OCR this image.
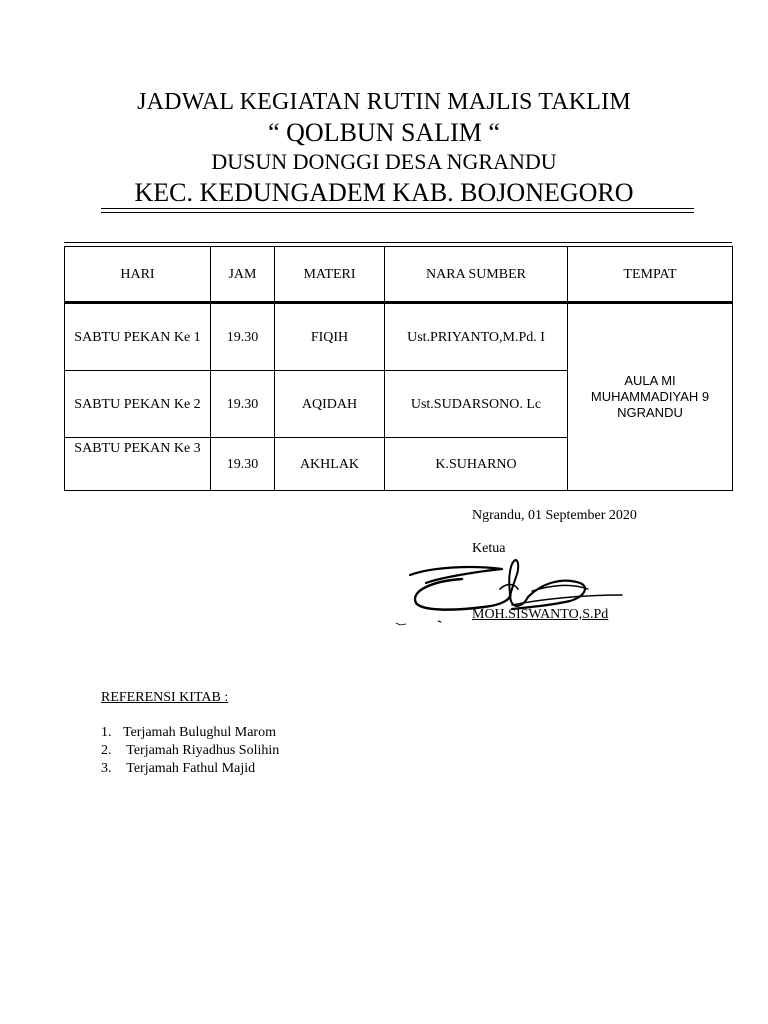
JADWAL KEGIATAN RUTIN MAJLIS TAKLIM
“ QOLBUN SALIM “
DUSUN DONGGI DESA NGRANDU
KEC. KEDUNGADEM KAB. BOJONEGORO
HARI	JAM	MATERI	NARA SUMBER	TEMPAT
SABTU PEKAN Ke 1	19.30	FIQIH	Ust.PRIYANTO,M.Pd. I	AULA MI MUHAMMADIYAH 9 NGRANDU
SABTU PEKAN Ke 2	19.30	AQIDAH	Ust.SUDARSONO. Lc	
SABTU PEKAN Ke 3	19.30	AKHLAK	K.SUHARNO	
Ngrandu, 01 September 2020
Ketua
MOH.SISWANTO,S.Pd
REFERENSI KITAB :
1. Terjamah Bulughul Marom
2. Terjamah Riyadhus Solihin
3. Terjamah Fathul Majid
